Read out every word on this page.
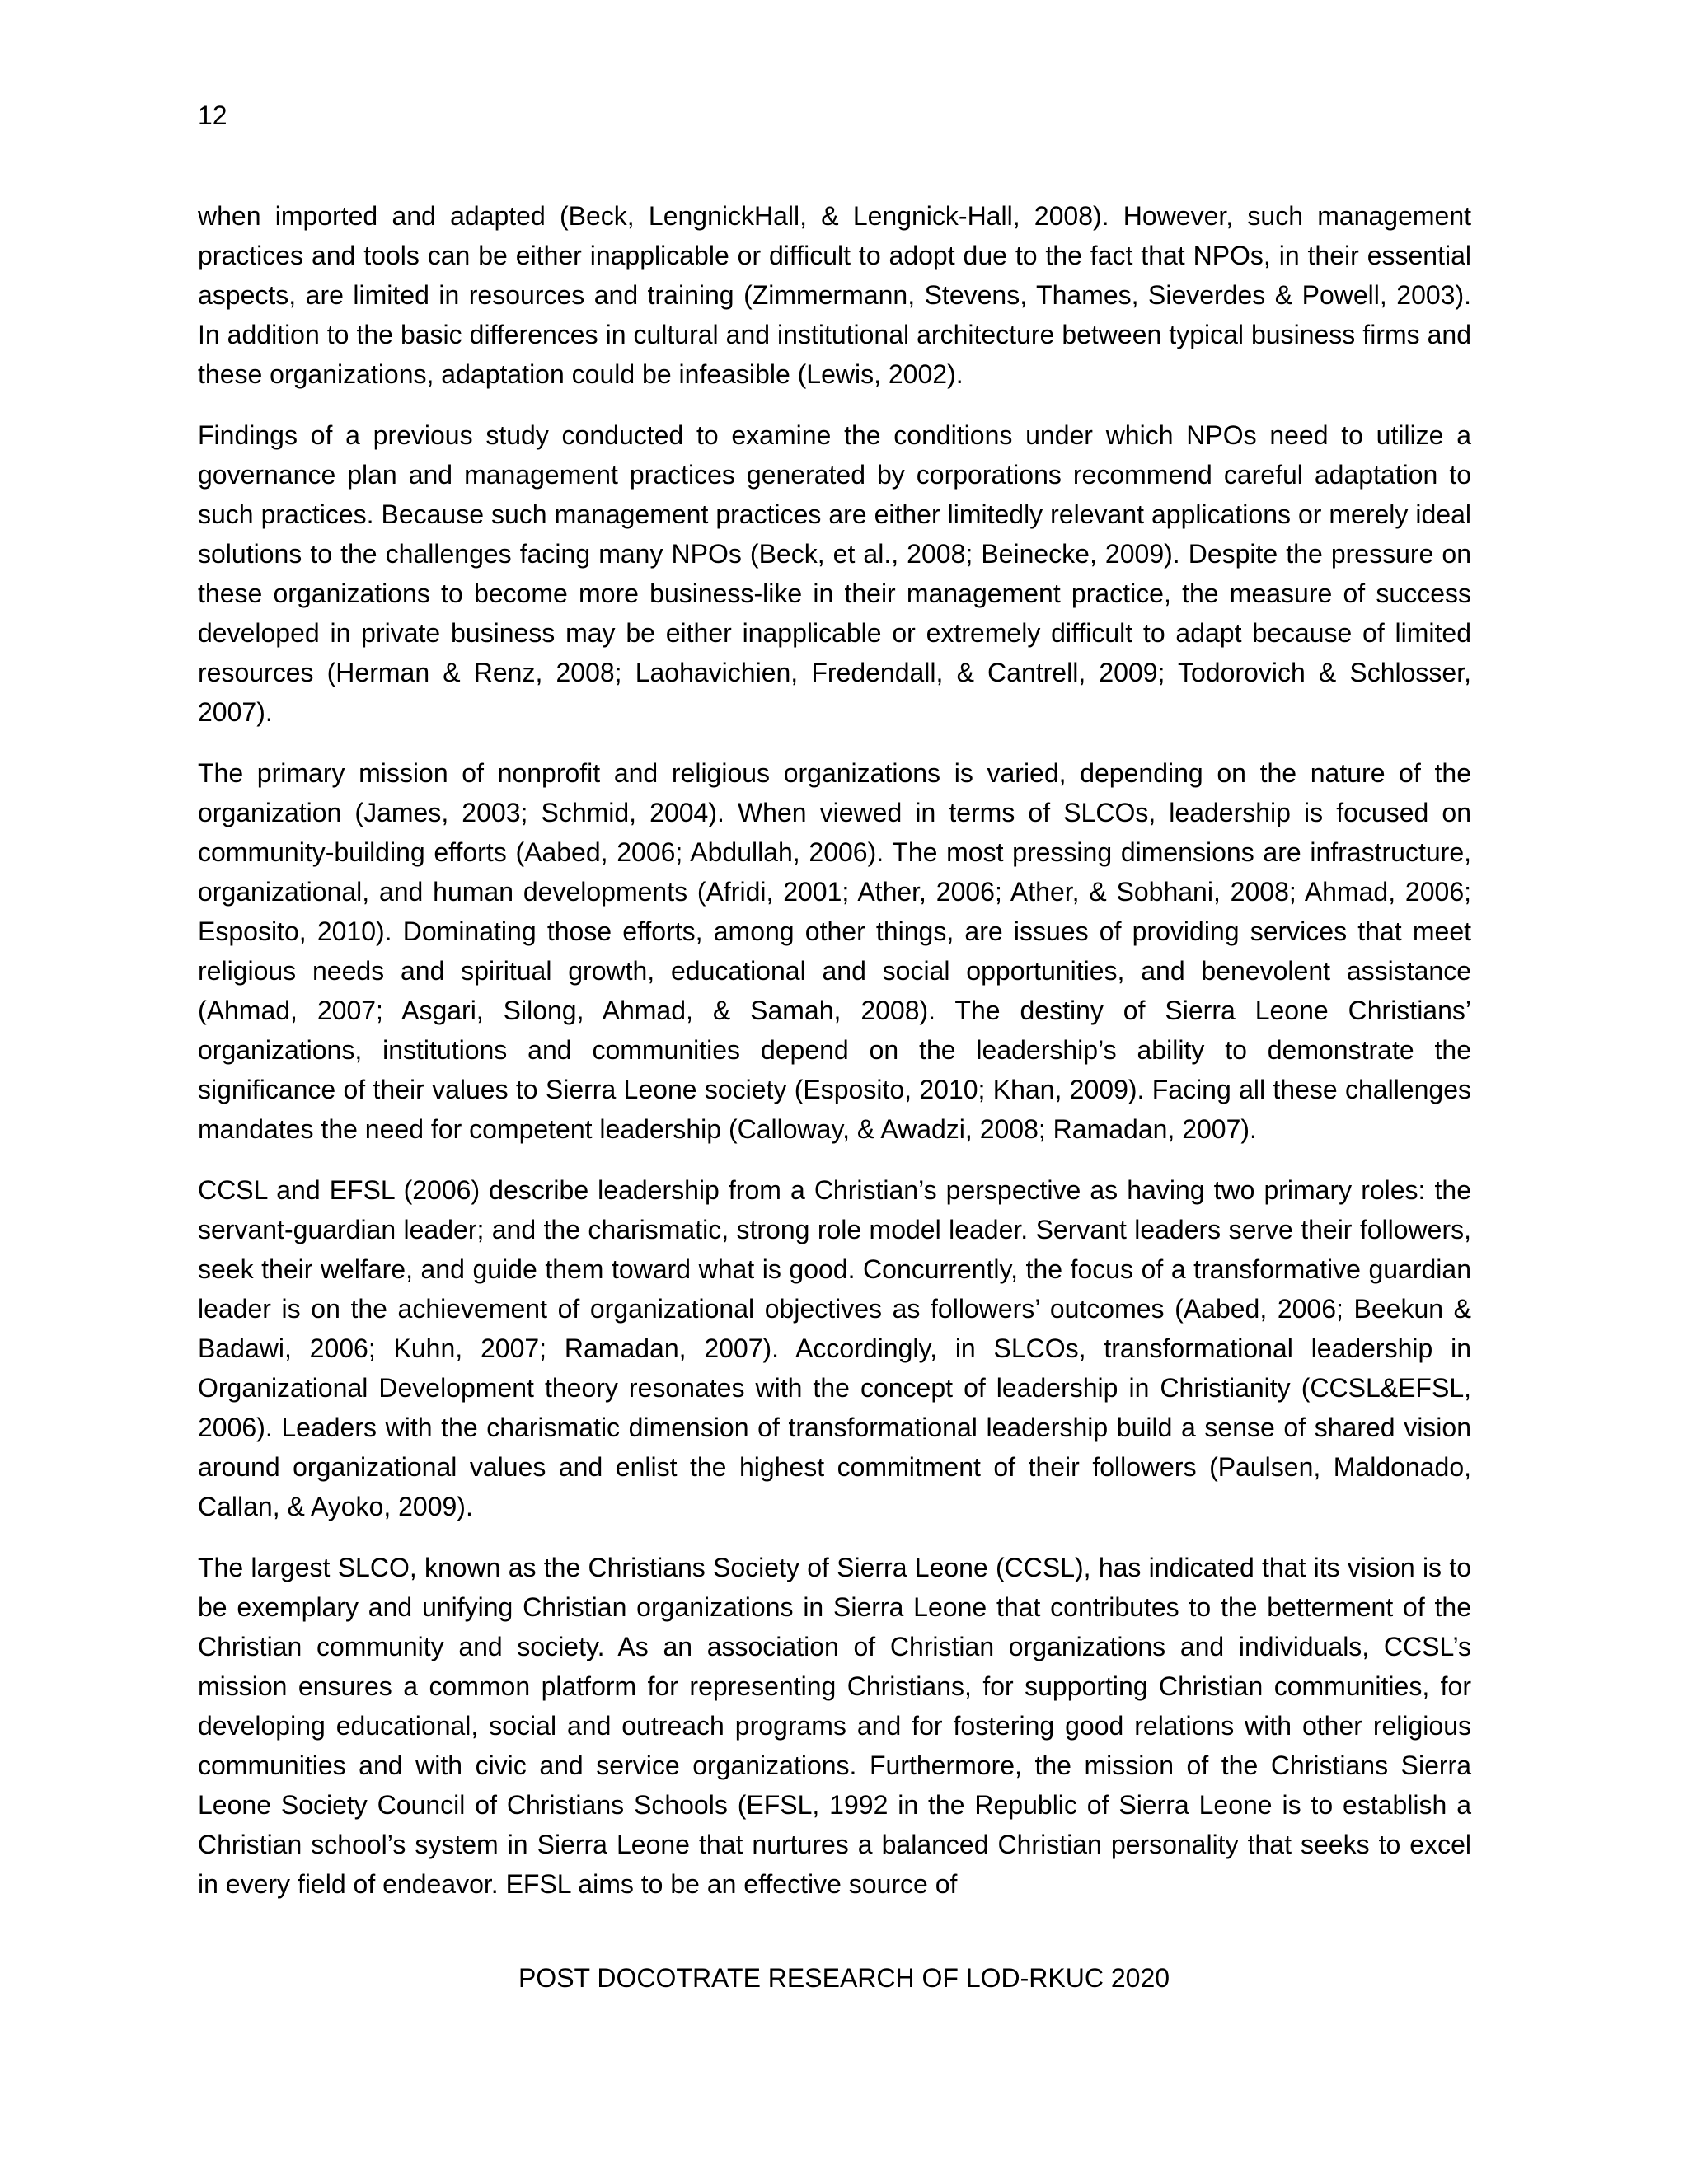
12

when imported and adapted (Beck, LengnickHall, & Lengnick-Hall, 2008). However, such management practices and tools can be either inapplicable or difficult to adopt due to the fact that NPOs, in their essential aspects, are limited in resources and training (Zimmermann, Stevens, Thames, Sieverdes & Powell, 2003). In addition to the basic differences in cultural and institutional architecture between typical business firms and these organizations, adaptation could be infeasible (Lewis, 2002).

Findings of a previous study conducted to examine the conditions under which NPOs need to utilize a governance plan and management practices generated by corporations recommend careful adaptation to such practices. Because such management practices are either limitedly relevant applications or merely ideal solutions to the challenges facing many NPOs (Beck, et al., 2008; Beinecke, 2009). Despite the pressure on these organizations to become more business-like in their management practice, the measure of success developed in private business may be either inapplicable or extremely difficult to adapt because of limited resources (Herman & Renz, 2008; Laohavichien, Fredendall, & Cantrell, 2009; Todorovich & Schlosser, 2007).

The primary mission of nonprofit and religious organizations is varied, depending on the nature of the organization (James, 2003; Schmid, 2004). When viewed in terms of SLCOs, leadership is focused on community-building efforts (Aabed, 2006; Abdullah, 2006). The most pressing dimensions are infrastructure, organizational, and human developments (Afridi, 2001; Ather, 2006; Ather, & Sobhani, 2008; Ahmad, 2006; Esposito, 2010). Dominating those efforts, among other things, are issues of providing services that meet religious needs and spiritual growth, educational and social opportunities, and benevolent assistance (Ahmad, 2007; Asgari, Silong, Ahmad, & Samah, 2008). The destiny of Sierra Leone Christians’ organizations, institutions and communities depend on the leadership’s ability to demonstrate the significance of their values to Sierra Leone society (Esposito, 2010; Khan, 2009). Facing all these challenges mandates the need for competent leadership (Calloway, & Awadzi, 2008; Ramadan, 2007).

CCSL and EFSL (2006) describe leadership from a Christian’s perspective as having two primary roles: the servant-guardian leader; and the charismatic, strong role model leader. Servant leaders serve their followers, seek their welfare, and guide them toward what is good. Concurrently, the focus of a transformative guardian leader is on the achievement of organizational objectives as followers’ outcomes (Aabed, 2006; Beekun & Badawi, 2006; Kuhn, 2007; Ramadan, 2007). Accordingly, in SLCOs, transformational leadership in Organizational Development theory resonates with the concept of leadership in Christianity (CCSL&EFSL, 2006). Leaders with the charismatic dimension of transformational leadership build a sense of shared vision around organizational values and enlist the highest commitment of their followers (Paulsen, Maldonado, Callan, & Ayoko, 2009).

The largest SLCO, known as the Christians Society of Sierra Leone (CCSL), has indicated that its vision is to be exemplary and unifying Christian organizations in Sierra Leone that contributes to the betterment of the Christian community and society. As an association of Christian organizations and individuals, CCSL’s mission ensures a common platform for representing Christians, for supporting Christian communities, for developing educational, social and outreach programs and for fostering good relations with other religious communities and with civic and service organizations. Furthermore, the mission of the Christians Sierra Leone Society Council of Christians Schools (EFSL, 1992 in the Republic of Sierra Leone is to establish a Christian school’s system in Sierra Leone that nurtures a balanced Christian personality that seeks to excel in every field of endeavor. EFSL aims to be an effective source of

POST DOCOTRATE RESEARCH OF LOD-RKUC 2020
